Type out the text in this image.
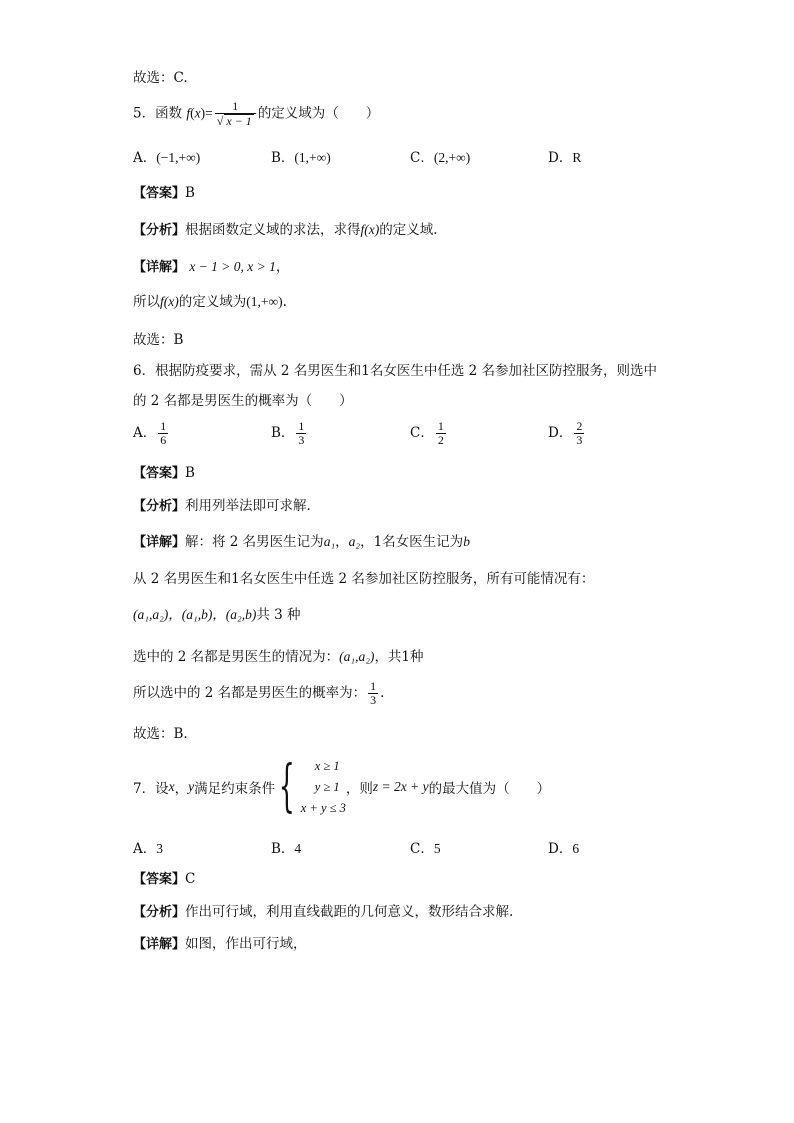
故选：C.
5．函数 $f(x)= \frac{1}{√ x - 1}$ 的定义域为（　　）
A．(−1,+∞)	B．(1,+∞)	C．(2,+∞)	D．R
【答案】B
【分析】根据函数定义域的求法，求得f(x)的定义域.
【详解】 x − 1 > 0, x > 1，
所以f(x)的定义域为(1,+∞).
故选：B
6．根据防疫要求，需从 2 名男医生和1名女医生中任选 2 名参加社区防控服务，则选中
的 2 名都是男医生的概率为（　　）
A． $\frac{1}{6}$	B． $\frac{1}{3}$	C． $\frac{1}{2}$	D． $\frac{2}{3}$
【答案】B
【分析】利用列举法即可求解.
【详解】解：将 2 名男医生记为a₁，a₂，1名女医生记为b
从 2 名男医生和1名女医生中任选 2 名参加社区防控服务，所有可能情况有：
(a₁,a₂)，(a₁,b)，(a₂,b)共 3 种
选中的 2 名都是男医生的情况为：(a₁,a₂)，共1种
所以选中的 2 名都是男医生的概率为： $\frac{1}{3}$ .
故选：B.
7． 设 x ， y 满足约束条件 {	x ≥ 1
y ≥ 1
x + y ≤ 3
，则 z = 2x + y 的最大值为（　　）
A．3	B．4	C．5	D．6
【答案】C
【分析】作出可行域，利用直线截距的几何意义，数形结合求解.
【详解】如图，作出可行域，
